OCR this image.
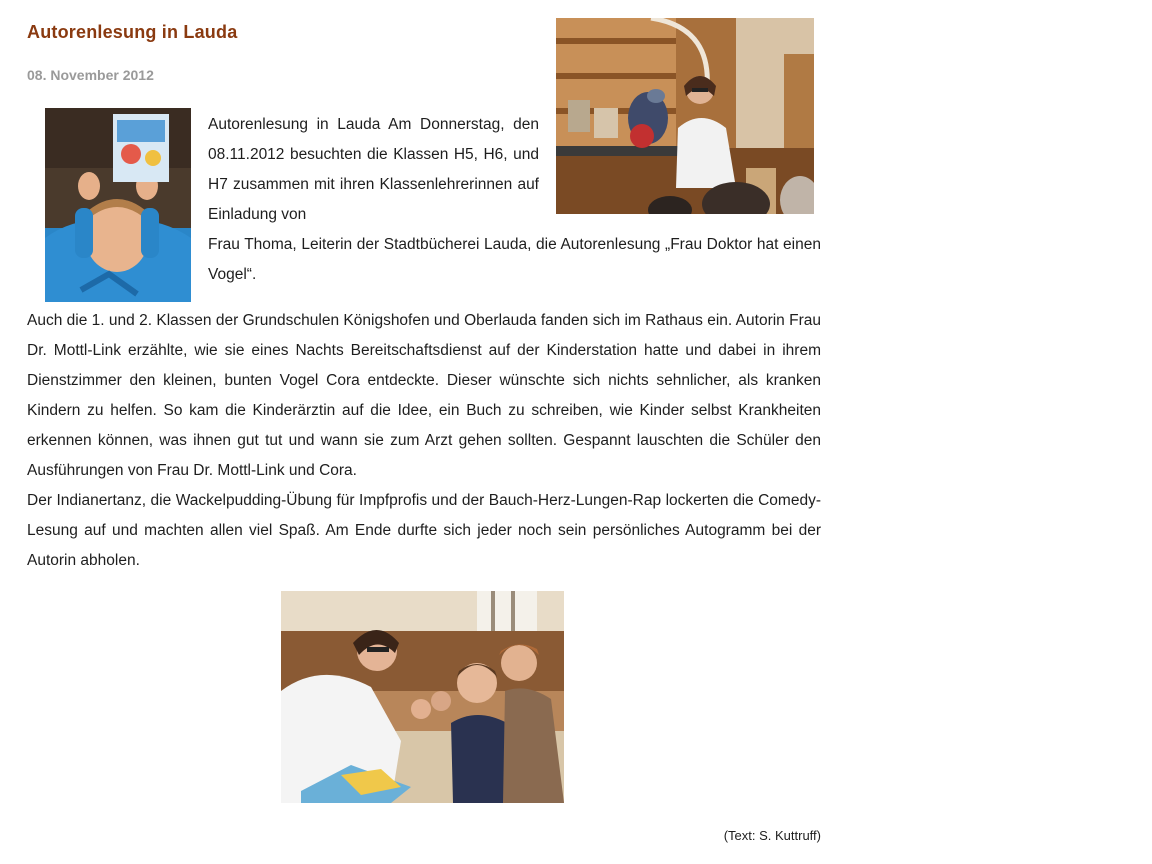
Autorenlesung in Lauda
08. November 2012
Autorenlesung in Lauda Am Donnerstag, den 08.11.2012 besuchten die Klassen H5, H6, und H7 zusammen mit ihren Klassenlehrerinnen auf Einladung von
Frau Thoma, Leiterin der Stadtbücherei Lauda, die Autorenlesung „Frau Doktor hat einen Vogel“.

Auch die 1. und 2. Klassen der Grundschulen Königshofen und Oberlauda fanden sich im Rathaus ein. Autorin Frau Dr. Mottl-Link erzählte, wie sie eines Nachts Bereitschaftsdienst auf der Kinderstation hatte und dabei in ihrem Dienstzimmer den kleinen, bunten Vogel Cora entdeckte. Dieser wünschte sich nichts sehnlicher, als kranken Kindern zu helfen. So kam die Kinderärztin auf die Idee, ein Buch zu schreiben, wie Kinder selbst Krankheiten erkennen können, was ihnen gut tut und wann sie zum Arzt gehen sollten. Gespannt lauschten die Schüler den Ausführungen von Frau Dr. Mottl-Link und Cora.

Der Indianertanz, die Wackelpudding-Übung für Impfprofis und der Bauch-Herz-Lungen-Rap lockerten die Comedy-Lesung auf und machten allen viel Spaß. Am Ende durfte sich jeder noch sein persönliches Autogramm bei der Autorin abholen.

(Text: S. Kuttruff)
